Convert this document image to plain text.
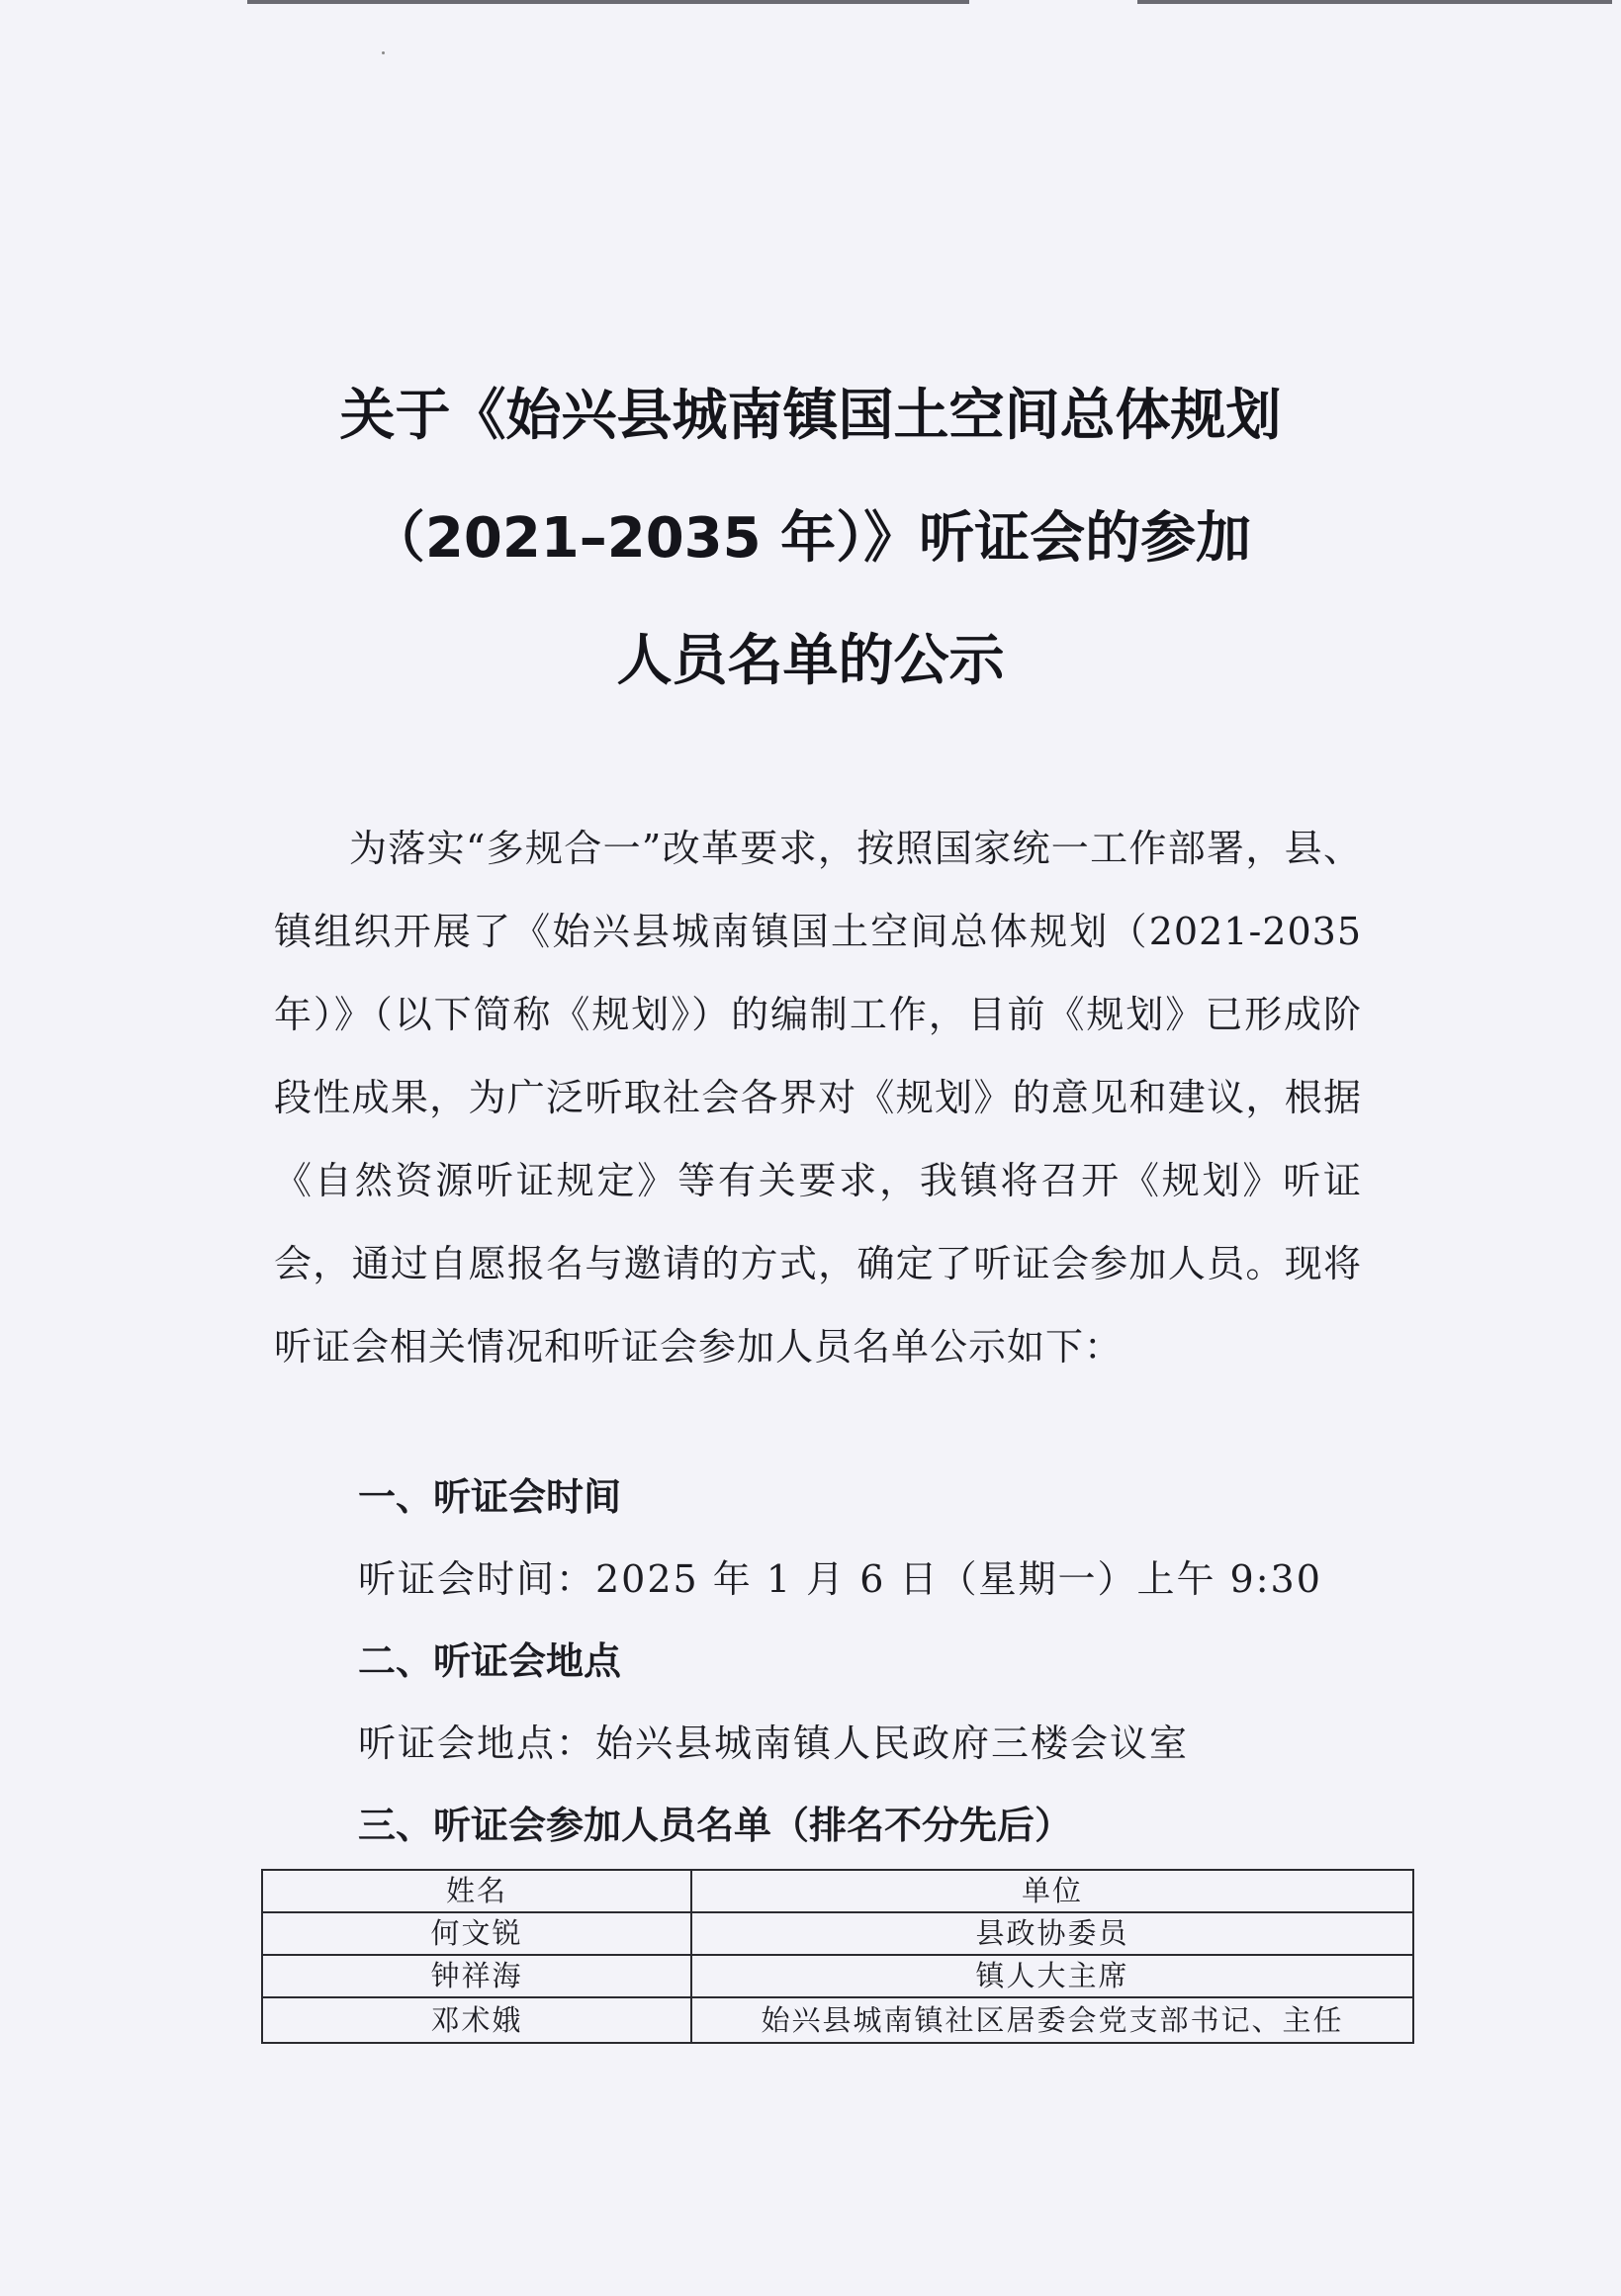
关于《始兴县城南镇国土空间总体规划
（2021–2035 年）》听证会的参加
人员名单的公示

为落实“多规合一”改革要求，按照国家统一工作部署，县、镇组织开展了《始兴县城南镇国土空间总体规划（2021-2035 年）》（以下简称《规划》）的编制工作，目前《规划》已形成阶段性成果，为广泛听取社会各界对《规划》的意见和建议，根据《自然资源听证规定》等有关要求，我镇将召开《规划》听证会，通过自愿报名与邀请的方式，确定了听证会参加人员。现将听证会相关情况和听证会参加人员名单公示如下：

一、听证会时间
听证会时间：2025 年 1 月 6 日（星期一）上午 9:30
二、听证会地点
听证会地点：始兴县城南镇人民政府三楼会议室
三、听证会参加人员名单（排名不分先后）
姓名	单位
何文锐	县政协委员
钟祥海	镇人大主席
邓术娥	始兴县城南镇社区居委会党支部书记、主任
